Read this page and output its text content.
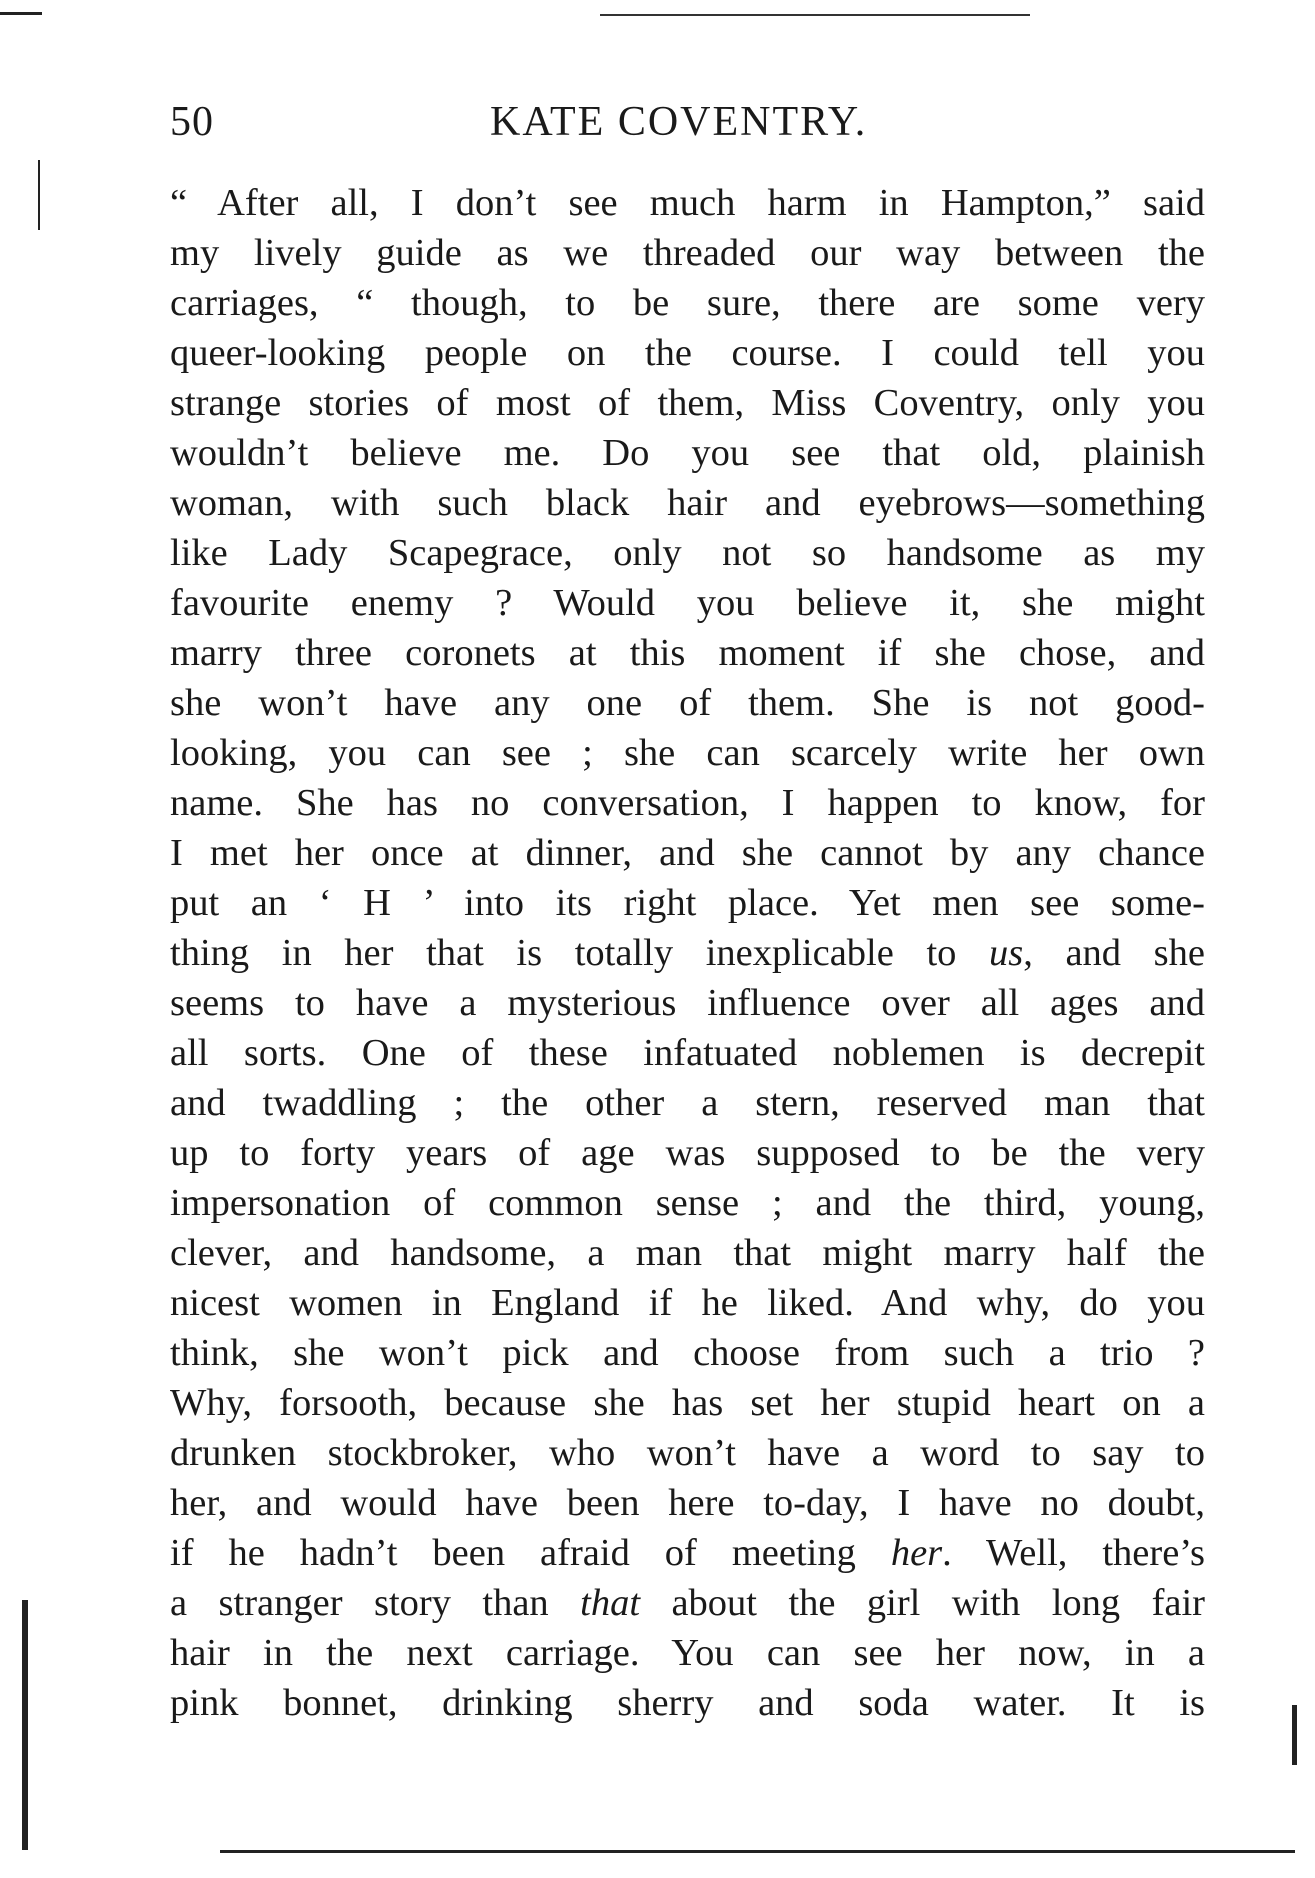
50	KATE COVENTRY.
“ After all, I don’t see much harm in Hampton,” said
my lively guide as we threaded our way between the
carriages, “ though, to be sure, there are some very
queer-looking people on the course. I could tell you
strange stories of most of them, Miss Coventry, only you
wouldn’t believe me. Do you see that old, plainish
woman, with such black hair and eyebrows—something
like Lady Scapegrace, only not so handsome as my
favourite enemy ? Would you believe it, she might
marry three coronets at this moment if she chose, and
she won’t have any one of them. She is not good-
looking, you can see ; she can scarcely write her own
name. She has no conversation, I happen to know, for
I met her once at dinner, and she cannot by any chance
put an ‘ H ’ into its right place. Yet men see some-
thing in her that is totally inexplicable to us, and she
seems to have a mysterious influence over all ages and
all sorts. One of these infatuated noblemen is decrepit
and twaddling ; the other a stern, reserved man that
up to forty years of age was supposed to be the very
impersonation of common sense ; and the third, young,
clever, and handsome, a man that might marry half the
nicest women in England if he liked. And why, do you
think, she won’t pick and choose from such a trio ?
Why, forsooth, because she has set her stupid heart on a
drunken stockbroker, who won’t have a word to say to
her, and would have been here to-day, I have no doubt,
if he hadn’t been afraid of meeting her. Well, there’s
a stranger story than that about the girl with long fair
hair in the next carriage. You can see her now, in a
pink bonnet, drinking sherry and soda water. It is
